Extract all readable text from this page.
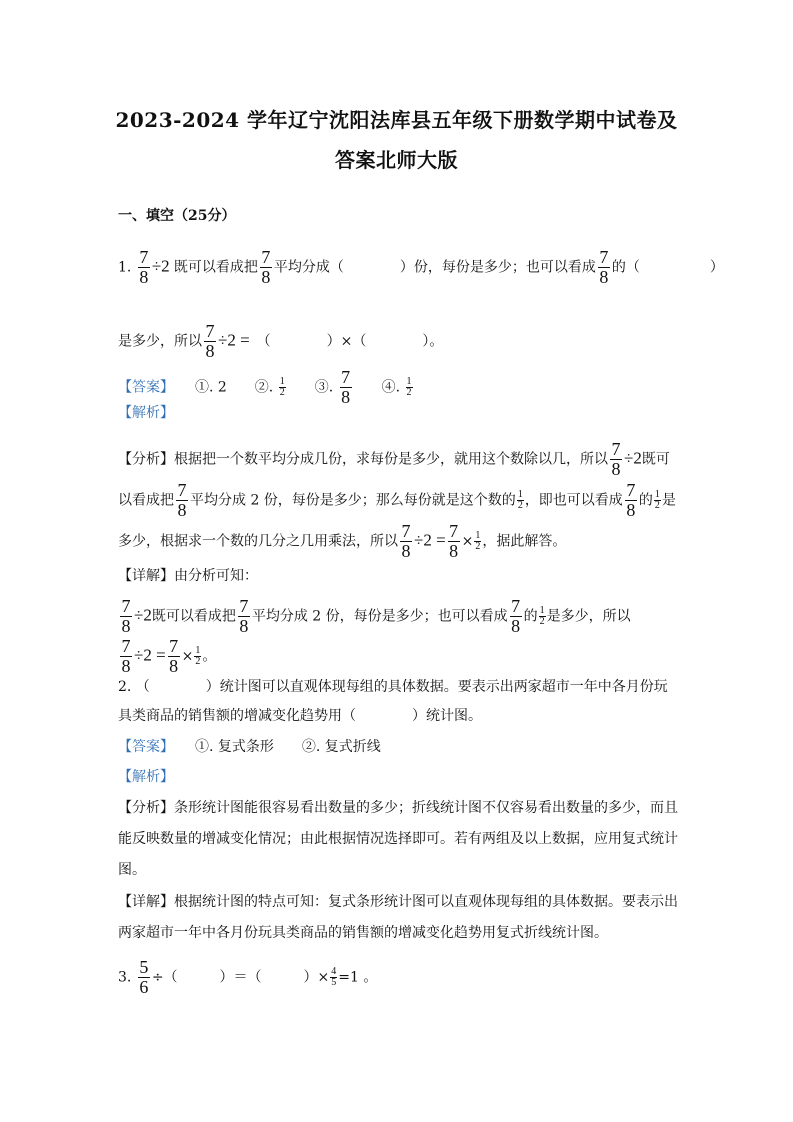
2023-2024 学年辽宁沈阳法库县五年级下册数学期中试卷及
答案北师大版
一、填空（25分）
1. $\frac{7}{8} \div 2$ 既可以看成把 $\frac{7}{8}$ 平均分成（　　　　）份，每份是多少；也可以看成 $\frac{7}{8}$ 的（　　　　　）
是多少，所以 $\frac{7}{8} \div 2$ =　（　　　　）×（　　　　）。
【答案】　　①. 2　　②. $\frac{1}{2}$ 　　③. $\frac{7}{8}$ 　　④. $\frac{1}{2}$
【解析】
【分析】根据把一个数平均分成几份，求每份是多少，就用这个数除以几，所以 $\frac{7}{8} \div 2$既可
以看成把 $\frac{7}{8}$ 平均分成 2 份，每份是多少；那么每份就是这个数的 $\frac{1}{2}$ ，即也可以看成 $\frac{7}{8}$ 的 $\frac{1}{2}$ 是
多少，根据求一个数的几分之几用乘法，所以 $\frac{7}{8} \div 2 = \frac{7}{8} \times \frac{1}{2}$ ，据此解答。
【详解】由分析可知：
$\frac{7}{8} \div 2$既可以看成把 $\frac{7}{8}$ 平均分成 2 份，每份是多少；也可以看成 $\frac{7}{8}$ 的 $\frac{1}{2}$ 是多少，所以
$\frac{7}{8} \div 2 = \frac{7}{8} \times \frac{1}{2}$ 。
2. （　　　　）统计图可以直观体现每组的具体数据。要表示出两家超市一年中各月份玩
具类商品的销售额的增减变化趋势用（　　　　）统计图。
【答案】　　①. 复式条形　　②. 复式折线
【解析】
【分析】条形统计图能很容易看出数量的多少；折线统计图不仅容易看出数量的多少，而且
能反映数量的增减变化情况；由此根据情况选择即可。若有两组及以上数据，应用复式统计
图。
【详解】根据统计图的特点可知：复式条形统计图可以直观体现每组的具体数据。要表示出
两家超市一年中各月份玩具类商品的销售额的增减变化趋势用复式折线统计图。
3. $\frac{5}{6}$ ÷（　　　）＝（　　　）× $\frac{4}{5} =1$ 。
